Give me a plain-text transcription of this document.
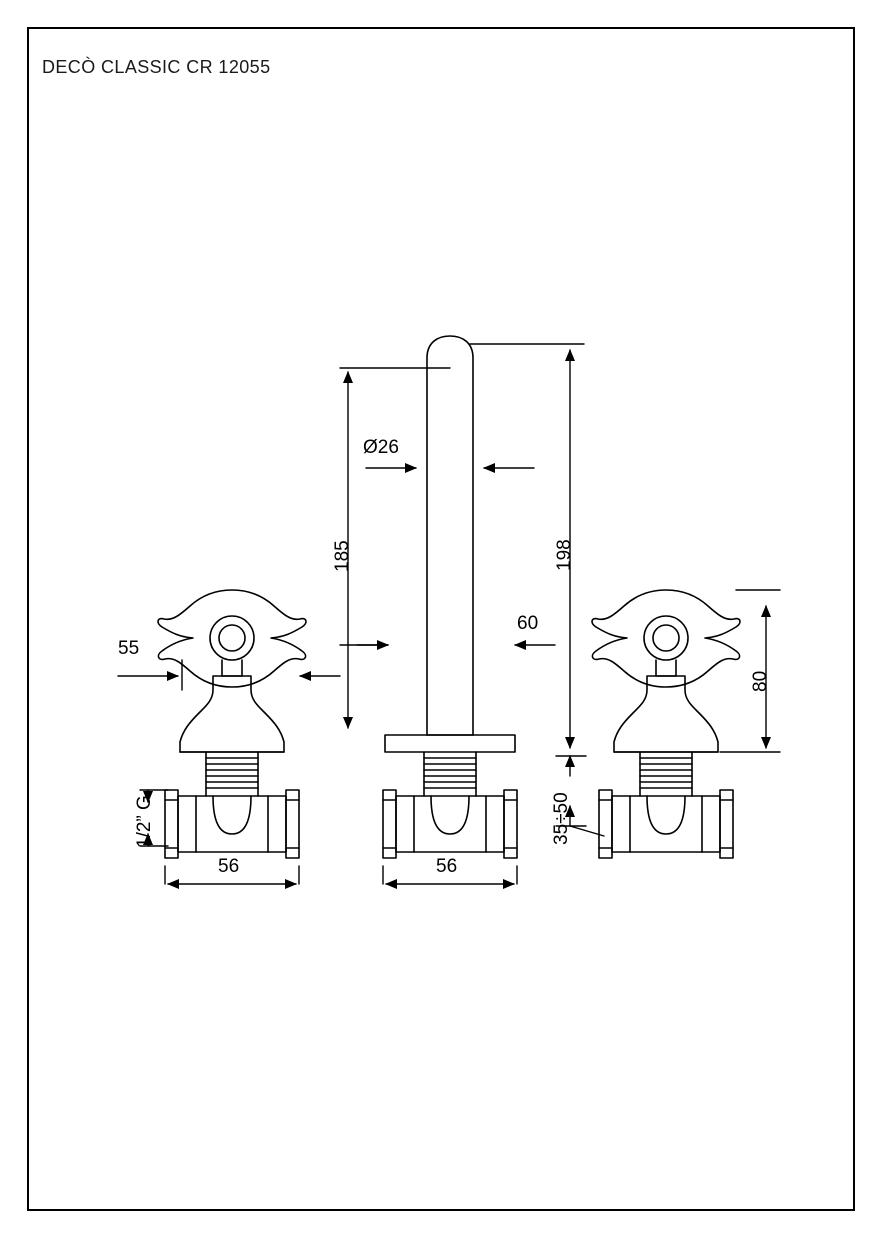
DECÒ CLASSIC CR 12055
55
1/2” G
56
185
Ø26
198
60
56
35÷50
80
